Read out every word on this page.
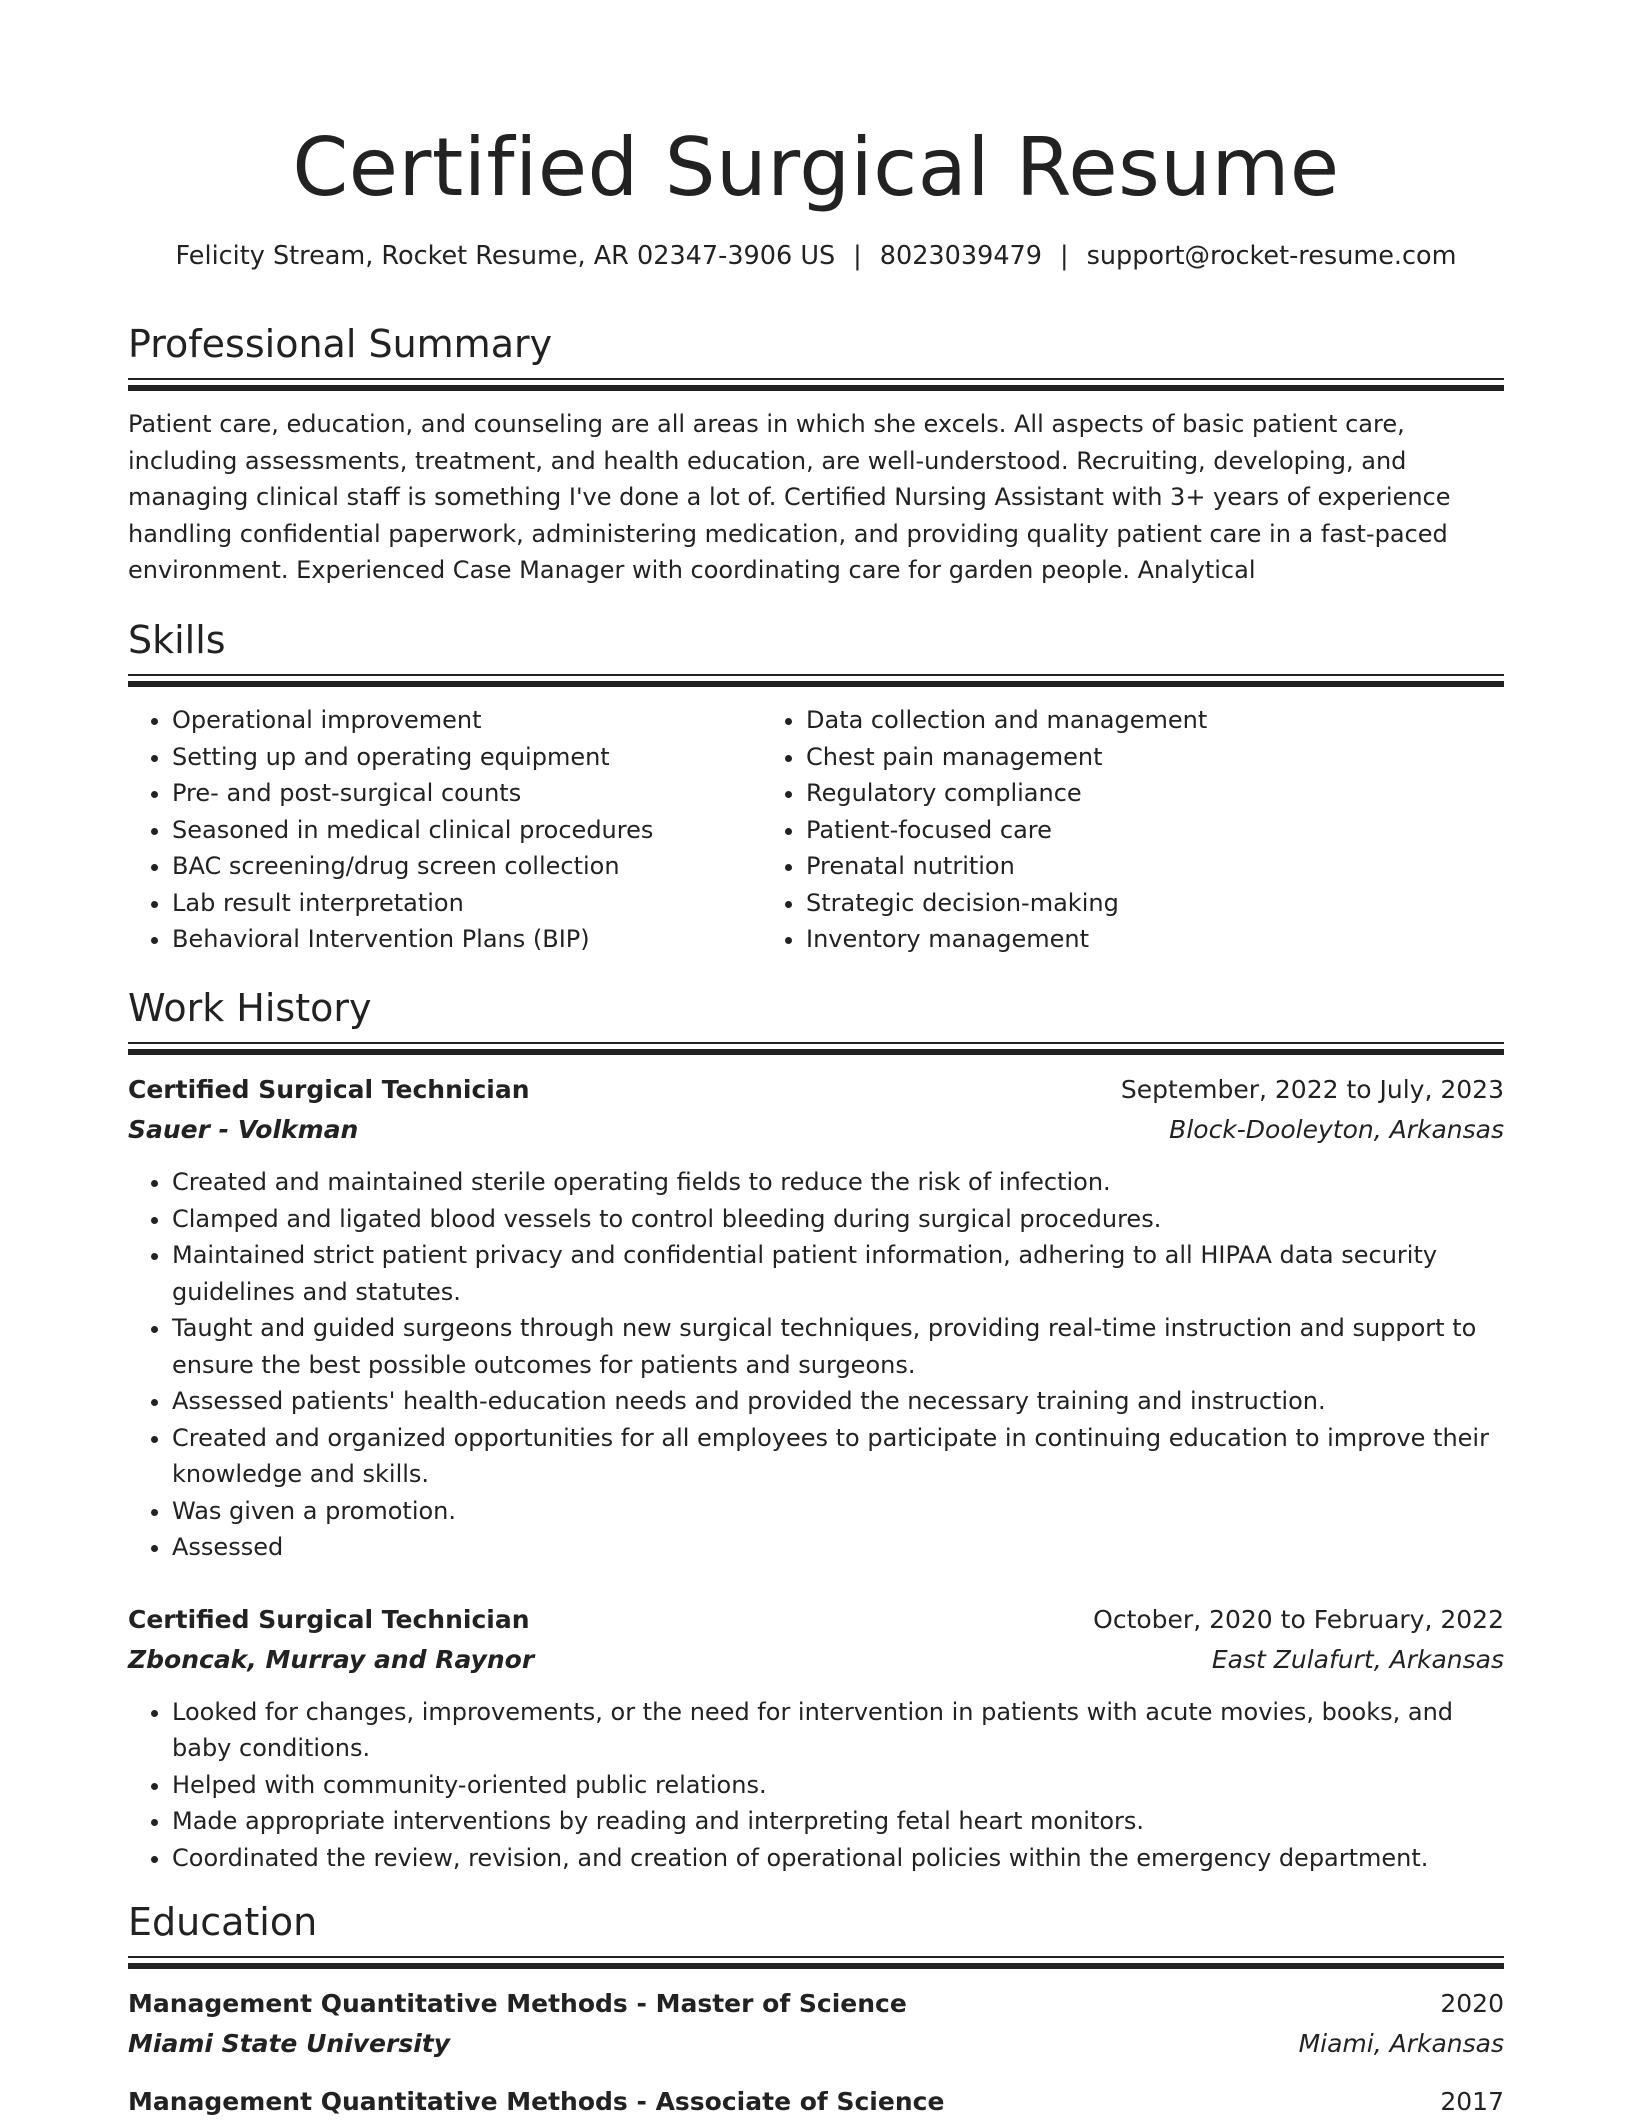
Certified Surgical Resume
Felicity Stream, Rocket Resume, AR 02347-3906 US | 8023039479 | support@rocket-resume.com
Professional Summary

Patient care, education, and counseling are all areas in which she excels. All aspects of basic patient care, including assessments, treatment, and health education, are well-understood. Recruiting, developing, and managing clinical staff is something I've done a lot of. Certified Nursing Assistant with 3+ years of experience handling confidential paperwork, administering medication, and providing quality patient care in a fast-paced environment. Experienced Case Manager with coordinating care for garden people. Analytical

Skills
• Operational improvement
• Setting up and operating equipment
• Pre- and post-surgical counts
• Seasoned in medical clinical procedures
• BAC screening/drug screen collection
• Lab result interpretation
• Behavioral Intervention Plans (BIP)
• Data collection and management
• Chest pain management
• Regulatory compliance
• Patient-focused care
• Prenatal nutrition
• Strategic decision-making
• Inventory management
Work History
Certified Surgical Technician	September, 2022 to July, 2023
Sauer - Volkman	Block-Dooleyton, Arkansas
• Created and maintained sterile operating fields to reduce the risk of infection.
• Clamped and ligated blood vessels to control bleeding during surgical procedures.
• Maintained strict patient privacy and confidential patient information, adhering to all HIPAA data security guidelines and statutes.
• Taught and guided surgeons through new surgical techniques, providing real-time instruction and support to ensure the best possible outcomes for patients and surgeons.
• Assessed patients' health-education needs and provided the necessary training and instruction.
• Created and organized opportunities for all employees to participate in continuing education to improve their knowledge and skills.
• Was given a promotion.
• Assessed
Certified Surgical Technician	October, 2020 to February, 2022
Zboncak, Murray and Raynor	East Zulafurt, Arkansas
• Looked for changes, improvements, or the need for intervention in patients with acute movies, books, and baby conditions.
• Helped with community-oriented public relations.
• Made appropriate interventions by reading and interpreting fetal heart monitors.
• Coordinated the review, revision, and creation of operational policies within the emergency department.
Education
Management Quantitative Methods - Master of Science	2020
Miami State University	Miami, Arkansas
Management Quantitative Methods - Associate of Science	2017
